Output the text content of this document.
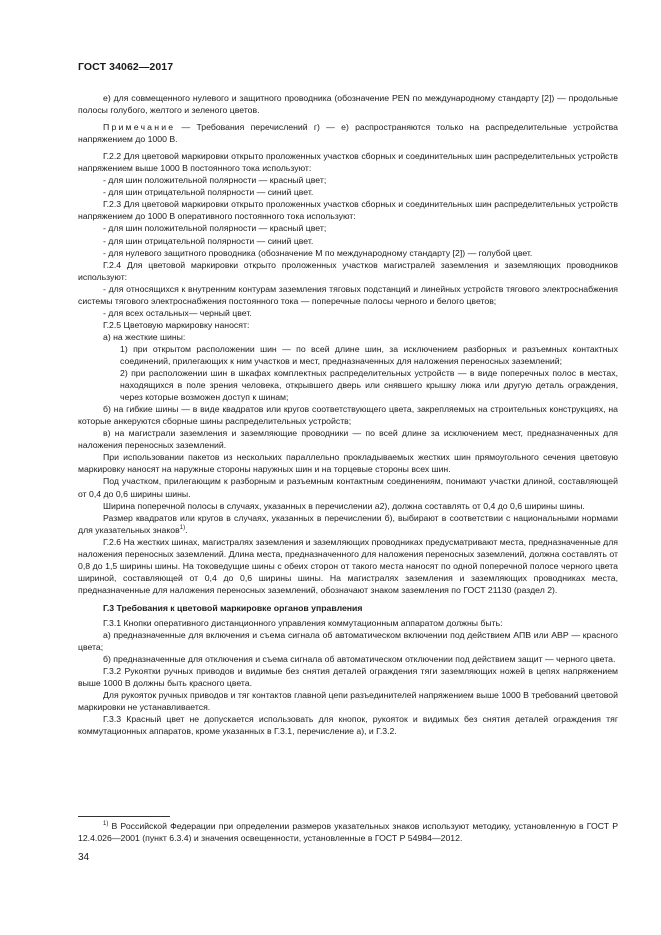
ГОСТ 34062—2017

е) для совмещенного нулевого и защитного проводника (обозначение PEN по международному стандарту [2]) — продольные полосы голубого, желтого и зеленого цветов.

Примечание — Требования перечислений г) — е) распространяются только на распределительные устройства напряжением до 1000 В.

Г.2.2 Для цветовой маркировки открыто проложенных участков сборных и соединительных шин распределительных устройств напряжением выше 1000 В постоянного тока используют:

- для шин положительной полярности — красный цвет;

- для шин отрицательной полярности — синий цвет.

Г.2.3 Для цветовой маркировки открыто проложенных участков сборных и соединительных шин распределительных устройств напряжением до 1000 В оперативного постоянного тока используют:

- для шин положительной полярности — красный цвет;

- для шин отрицательной полярности — синий цвет.

- для нулевого защитного проводника (обозначение М по международному стандарту [2]) — голубой цвет.

Г.2.4 Для цветовой маркировки открыто проложенных участков магистралей заземления и заземляющих проводников используют:

- для относящихся к внутренним контурам заземления тяговых подстанций и линейных устройств тягового электроснабжения системы тягового электроснабжения постоянного тока — поперечные полосы черного и белого цветов;

- для всех остальных— черный цвет.

Г.2.5 Цветовую маркировку наносят:

а) на жесткие шины:

1) при открытом расположении шин — по всей длине шин, за исключением разборных и разъемных контактных соединений, прилегающих к ним участков и мест, предназначенных для наложения переносных заземлений;

2) при расположении шин в шкафах комплектных распределительных устройств — в виде поперечных полос в местах, находящихся в поле зрения человека, открывшего дверь или снявшего крышку люка или другую деталь ограждения, через которые возможен доступ к шинам;

б) на гибкие шины — в виде квадратов или кругов соответствующего цвета, закрепляемых на строительных конструкциях, на которые анкеруются сборные шины распределительных устройств;

в) на магистрали заземления и заземляющие проводники — по всей длине за исключением мест, предназначенных для наложения переносных заземлений.

При использовании пакетов из нескольких параллельно прокладываемых жестких шин прямоугольного сечения цветовую маркировку наносят на наружные стороны наружных шин и на торцевые стороны всех шин.

Под участком, прилегающим к разборным и разъемным контактным соединениям, понимают участки длиной, составляющей от 0,4 до 0,6 ширины шины.

Ширина поперечной полосы в случаях, указанных в перечислении а2), должна составлять от 0,4 до 0,6 ширины шины.

Размер квадратов или кругов в случаях, указанных в перечислении б), выбирают в соответствии с национальными нормами для указательных знаков$^{1)}$.

Г.2.6 На жестких шинах, магистралях заземления и заземляющих проводниках предусматривают места, предназначенные для наложения переносных заземлений. Длина места, предназначенного для наложения переносных заземлений, должна составлять от 0,8 до 1,5 ширины шины. На токоведущие шины с обеих сторон от такого места наносят по одной поперечной полосе черного цвета шириной, составляющей от 0,4 до 0,6 ширины шины. На магистралях заземления и заземляющих проводниках места, предназначенные для наложения переносных заземлений, обозначают знаком заземления по ГОСТ 21130 (раздел 2).

Г.3 Требования к цветовой маркировке органов управления

Г.3.1 Кнопки оперативного дистанционного управления коммутационным аппаратом должны быть:

а) предназначенные для включения и съема сигнала об автоматическом включении под действием АПВ или АВР — красного цвета;

б) предназначенные для отключения и съема сигнала об автоматическом отключении под действием защит — черного цвета.

Г.3.2 Рукоятки ручных приводов и видимые без снятия деталей ограждения тяги заземляющих ножей в цепях напряжением выше 1000 В должны быть красного цвета.

Для рукояток ручных приводов и тяг контактов главной цепи разъединителей напряжением выше 1000 В требований цветовой маркировки не устанавливается.

Г.3.3 Красный цвет не допускается использовать для кнопок, рукояток и видимых без снятия деталей ограждения тяг коммутационных аппаратов, кроме указанных в Г.3.1, перечисление а), и Г.3.2.

$^{1)}$ В Российской Федерации при определении размеров указательных знаков используют методику, установленную в ГОСТ Р 12.4.026—2001 (пункт 6.3.4) и значения освещенности, установленные в ГОСТ Р 54984—2012.

34
